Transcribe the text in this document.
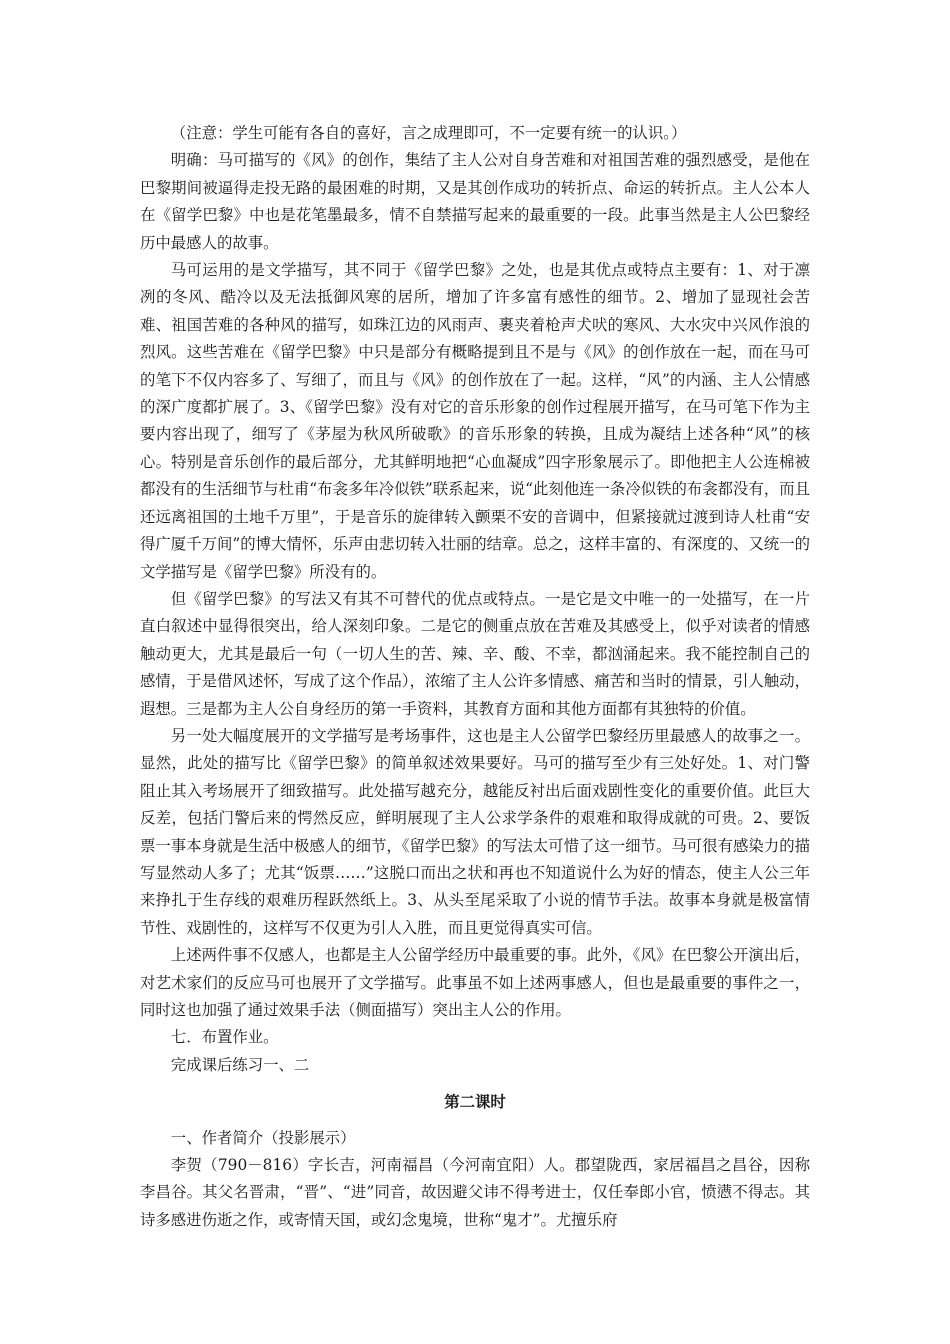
（注意：学生可能有各自的喜好，言之成理即可，不一定要有统一的认识。）

明确：马可描写的《风》的创作，集结了主人公对自身苦难和对祖国苦难的强烈感受，是他在巴黎期间被逼得走投无路的最困难的时期，又是其创作成功的转折点、命运的转折点。主人公本人在《留学巴黎》中也是花笔墨最多，情不自禁描写起来的最重要的一段。此事当然是主人公巴黎经历中最感人的故事。

马可运用的是文学描写，其不同于《留学巴黎》之处，也是其优点或特点主要有：1、对于凛冽的冬风、酷冷以及无法抵御风寒的居所，增加了许多富有感性的细节。2、增加了显现社会苦难、祖国苦难的各种风的描写，如珠江边的风雨声、裹夹着枪声犬吠的寒风、大水灾中兴风作浪的烈风。这些苦难在《留学巴黎》中只是部分有概略提到且不是与《风》的创作放在一起，而在马可的笔下不仅内容多了、写细了，而且与《风》的创作放在了一起。这样，“风”的内涵、主人公情感的深广度都扩展了。3、《留学巴黎》没有对它的音乐形象的创作过程展开描写，在马可笔下作为主要内容出现了，细写了《茅屋为秋风所破歌》的音乐形象的转换，且成为凝结上述各种“风”的核心。特别是音乐创作的最后部分，尤其鲜明地把“心血凝成”四字形象展示了。即他把主人公连棉被都没有的生活细节与杜甫“布衾多年冷似铁”联系起来，说“此刻他连一条冷似铁的布衾都没有，而且还远离祖国的土地千万里”，于是音乐的旋律转入颤栗不安的音调中，但紧接就过渡到诗人杜甫“安得广厦千万间”的博大情怀，乐声由悲切转入壮丽的结章。总之，这样丰富的、有深度的、又统一的文学描写是《留学巴黎》所没有的。

但《留学巴黎》的写法又有其不可替代的优点或特点。一是它是文中唯一的一处描写，在一片直白叙述中显得很突出，给人深刻印象。二是它的侧重点放在苦难及其感受上，似乎对读者的情感触动更大，尤其是最后一句（一切人生的苦、辣、辛、酸、不幸，都汹涌起来。我不能控制自己的感情，于是借风述怀，写成了这个作品），浓缩了主人公许多情感、痛苦和当时的情景，引人触动，遐想。三是都为主人公自身经历的第一手资料，其教育方面和其他方面都有其独特的价值。

另一处大幅度展开的文学描写是考场事件，这也是主人公留学巴黎经历里最感人的故事之一。显然，此处的描写比《留学巴黎》的简单叙述效果要好。马可的描写至少有三处好处。1、对门警阻止其入考场展开了细致描写。此处描写越充分，越能反衬出后面戏剧性变化的重要价值。此巨大反差，包括门警后来的愕然反应，鲜明展现了主人公求学条件的艰难和取得成就的可贵。2、要饭票一事本身就是生活中极感人的细节，《留学巴黎》的写法太可惜了这一细节。马可很有感染力的描写显然动人多了；尤其“饭票……”这脱口而出之状和再也不知道说什么为好的情态，使主人公三年来挣扎于生存线的艰难历程跃然纸上。3、从头至尾采取了小说的情节手法。故事本身就是极富情节性、戏剧性的，这样写不仅更为引人入胜，而且更觉得真实可信。

上述两件事不仅感人，也都是主人公留学经历中最重要的事。此外，《风》在巴黎公开演出后，对艺术家们的反应马可也展开了文学描写。此事虽不如上述两事感人，但也是最重要的事件之一，同时这也加强了通过效果手法（侧面描写）突出主人公的作用。

七．布置作业。

完成课后练习一、二

第二课时

一、作者简介（投影展示）

李贺（790－816）字长吉，河南福昌（今河南宜阳）人。郡望陇西，家居福昌之昌谷，因称李昌谷。其父名晋肃，“晋”、“进”同音，故因避父讳不得考进士，仅任奉郎小官，愤懑不得志。其诗多感进伤逝之作，或寄情天国，或幻念鬼境，世称“鬼才”。尤擅乐府
